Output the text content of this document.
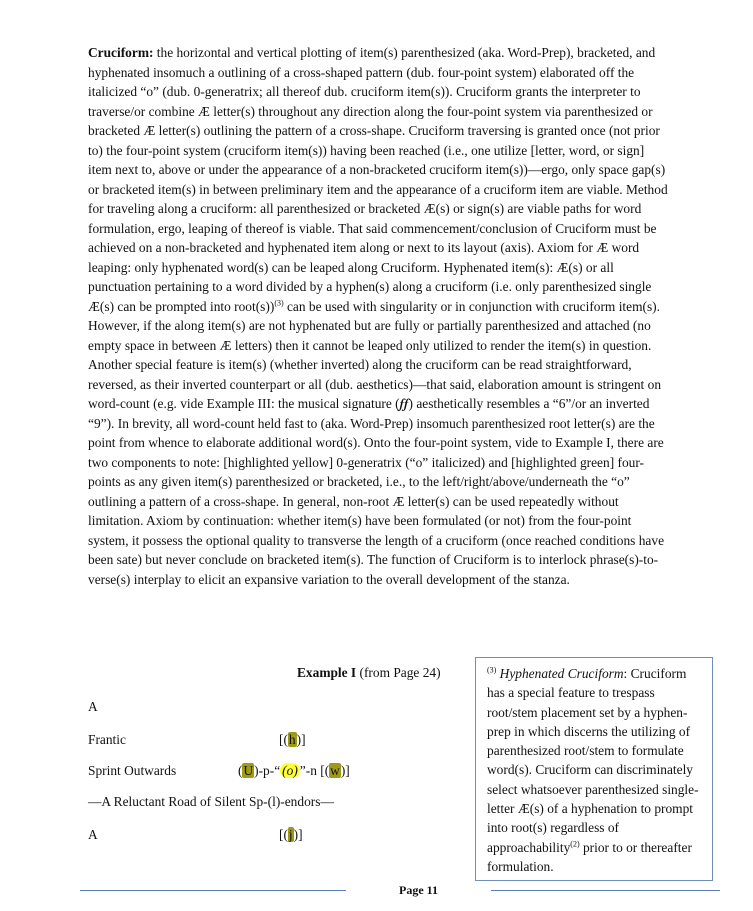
Cruciform: the horizontal and vertical plotting of item(s) parenthesized (aka. Word-Prep), bracketed, and hyphenated insomuch a outlining of a cross-shaped pattern (dub. four-point system) elaborated off the italicized “o” (dub. 0-generatrix; all thereof dub. cruciform item(s)). Cruciform grants the interpreter to traverse/or combine Æ letter(s) throughout any direction along the four-point system via parenthesized or bracketed Æ letter(s) outlining the pattern of a cross-shape. Cruciform traversing is granted once (not prior to) the four-point system (cruciform item(s)) having been reached (i.e., one utilize [letter, word, or sign] item next to, above or under the appearance of a non-bracketed cruciform item(s))—ergo, only space gap(s) or bracketed item(s) in between preliminary item and the appearance of a cruciform item are viable. Method for traveling along a cruciform: all parenthesized or bracketed Æ(s) or sign(s) are viable paths for word formulation, ergo, leaping of thereof is viable. That said commencement/conclusion of Cruciform must be achieved on a non-bracketed and hyphenated item along or next to its layout (axis). Axiom for Æ word leaping: only hyphenated word(s) can be leaped along Cruciform. Hyphenated item(s): Æ(s) or all punctuation pertaining to a word divided by a hyphen(s) along a cruciform (i.e. only parenthesized single Æ(s) can be prompted into root(s))$^{(3)}$ can be used with singularity or in conjunction with cruciform item(s). However, if the along item(s) are not hyphenated but are fully or partially parenthesized and attached (no empty space in between Æ letters) then it cannot be leaped only utilized to render the item(s) in question. Another special feature is item(s) (whether inverted) along the cruciform can be read straightforward, reversed, as their inverted counterpart or all (dub. aesthetics)—that said, elaboration amount is stringent on word-count (e.g. vide Example III: the musical signature (𝆑𝆑) aesthetically resembles a “6”/or an inverted “9”). In brevity, all word-count held fast to (aka. Word-Prep) insomuch parenthesized root letter(s) are the point from whence to elaborate additional word(s). Onto the four-point system, vide to Example I, there are two components to note: [highlighted yellow] 0-generatrix (“o” italicized) and [highlighted green] four-points as any given item(s) parenthesized or bracketed, i.e., to the left/right/above/underneath the “o” outlining a pattern of a cross-shape. In general, non-root Æ letter(s) can be used repeatedly without limitation. Axiom by continuation: whether item(s) have been formulated (or not) from the four-point system, it possess the optional quality to transverse the length of a cruciform (once reached conditions have been sate) but never conclude on bracketed item(s). The function of Cruciform is to interlock phrase(s)-to-verse(s) interplay to elicit an expansive variation to the overall development of the stanza.

Example I (from Page 24)
A
Frantic	[(h)]
Sprint Outwards	(U)-p-“ (o) ”-n [(w)]
—A Reluctant Road of Silent Sp-(l)-endors—
A	[(j)]
$^{(3)}$ Hyphenated Cruciform: Cruciform has a special feature to trespass root/stem placement set by a hyphen-prep in which discerns the utilizing of parenthesized root/stem to formulate word(s). Cruciform can discriminately select whatsoever parenthesized single-letter Æ(s) of a hyphenation to prompt into root(s) regardless of approachability$^{(2)}$ prior to or thereafter formulation.
Page 11
